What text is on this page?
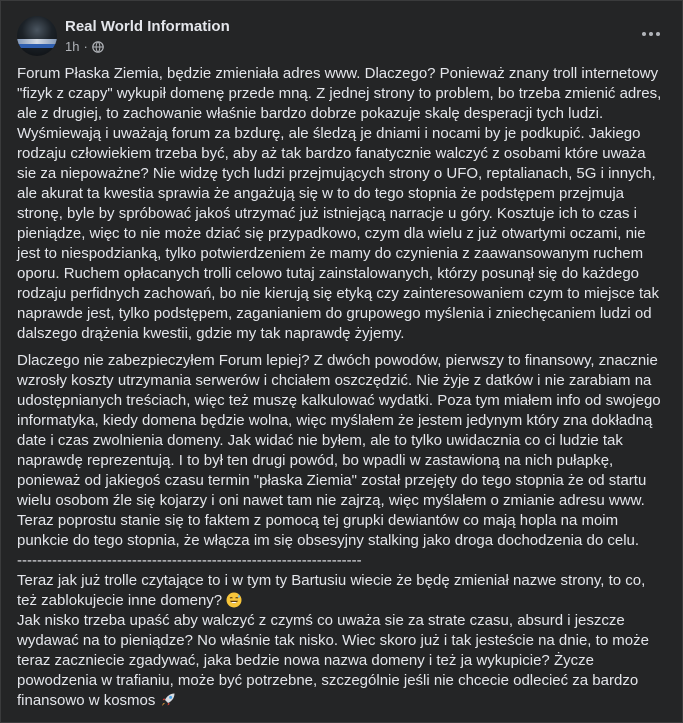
Real World Information
1h ·

Forum Płaska Ziemia, będzie zmieniała adres www. Dlaczego? Ponieważ znany troll internetowy "fizyk z czapy" wykupił domenę przede mną. Z jednej strony to problem, bo trzeba zmienić adres, ale z drugiej, to zachowanie właśnie bardzo dobrze pokazuje skalę desperacji tych ludzi. Wyśmiewają i uważają forum za bzdurę, ale śledzą je dniami i nocami by je podkupić. Jakiego rodzaju człowiekiem trzeba być, aby aż tak bardzo fanatycznie walczyć z osobami które uważa sie za niepoważne? Nie widzę tych ludzi przejmujących strony o UFO, reptalianach, 5G i innych, ale akurat ta kwestia sprawia że angażują się w to do tego stopnia że podstępem przejmuja stronę, byle by spróbować jakoś utrzymać już istniejącą narracje u góry. Kosztuje ich to czas i pieniądze, więc to nie może dziać się przypadkowo, czym dla wielu z już otwartymi oczami, nie jest to niespodzianką, tylko potwierdzeniem że mamy do czynienia z zaawansowanym ruchem oporu. Ruchem opłacanych trolli celowo tutaj zainstalowanych, którzy posunął się do każdego rodzaju perfidnych zachowań, bo nie kierują się etyką czy zainteresowaniem czym to miejsce tak naprawde jest, tylko podstępem, zaganianiem do grupowego myślenia i zniechęcaniem ludzi od dalszego drążenia kwestii, gdzie my tak naprawdę żyjemy.

Dlaczego nie zabezpieczyłem Forum lepiej? Z dwóch powodów, pierwszy to finansowy, znacznie wzrosły koszty utrzymania serwerów i chciałem oszczędzić. Nie żyje z datków i nie zarabiam na udostępnianych treściach, więc też muszę kalkulować wydatki. Poza tym miałem info od swojego informatyka, kiedy domena będzie wolna, więc myślałem że jestem jedynym który zna dokładną date i czas zwolnienia domeny. Jak widać nie byłem, ale to tylko uwidacznia co ci ludzie tak naprawdę reprezentują. I to był ten drugi powód, bo wpadli w zastawioną na nich pułapkę, ponieważ od jakiegoś czasu termin "płaska Ziemia" został przejęty do tego stopnia że od startu wielu osobom źle się kojarzy i oni nawet tam nie zajrzą, więc myślałem o zmianie adresu www. Teraz poprostu stanie się to faktem z pomocą tej grupki dewiantów co mają hopla na moim punkcie do tego stopnia, że włącza im się obsesyjny stalking jako droga dochodzenia do celu.

---------------------------------------------------------------------

Teraz jak już trolle czytające to i w tym ty Bartusiu wiecie że będę zmieniał nazwe strony, to co, też zablokujecie inne domeny?

Jak nisko trzeba upaść aby walczyć z czymś co uważa sie za strate czasu, absurd i jeszcze wydawać na to pieniądze? No właśnie tak nisko. Wiec skoro już i tak jesteście na dnie, to może teraz zaczniecie zgadywać, jaka bedzie nowa nazwa domeny i też ja wykupicie? Życze powodzenia w trafianiu, może być potrzebne, szczególnie jeśli nie chcecie odlecieć za bardzo finansowo w kosmos
